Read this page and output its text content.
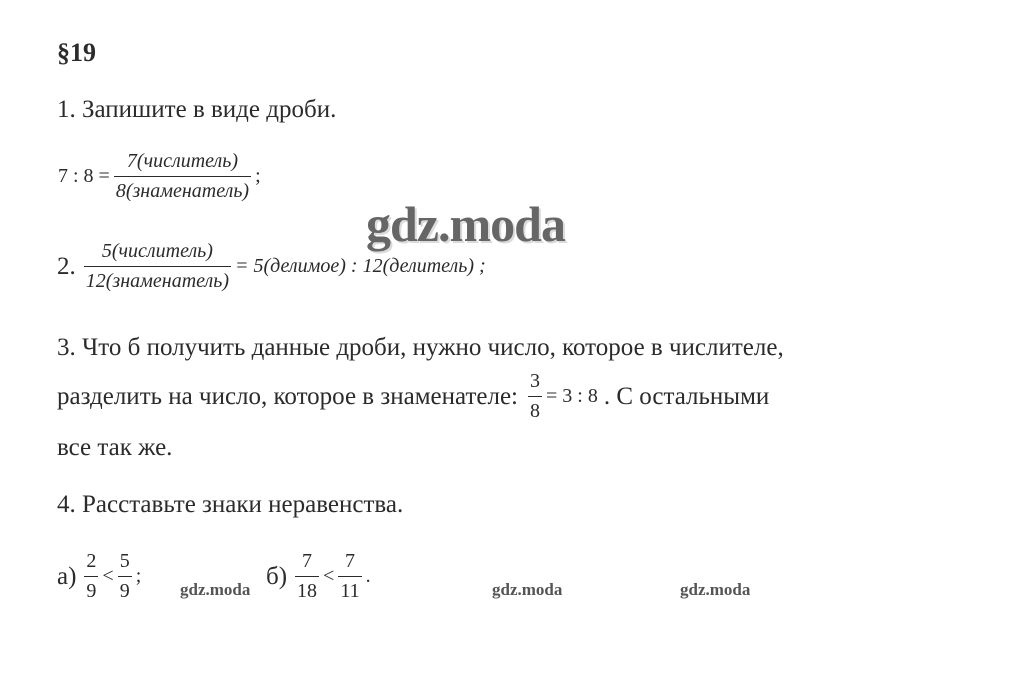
§19
1. Запишите в виде дроби.
7 : $8 = \frac{\text{7(числитель)}}{\text{8(знаменатель)}}$ ;
gdz.moda
2. $\frac{\text{5(числитель)}}{\text{12(знаменатель)}}$ = 5(делимое) : 12(делитель) ;
3. Что б получить данные дроби, нужно число, которое в числителе,
разделить на число, которое в знаменателе: $\frac{3}{8} = 3$ : 8 . С остальными
все так же.
4. Расставьте знаки неравенства.
$а) \frac{2}{9} < \frac{5}{9}$ ;
gdz.moda $б) \frac{7}{18} < \frac{7}{11}$ .
gdz.moda	gdz.moda
